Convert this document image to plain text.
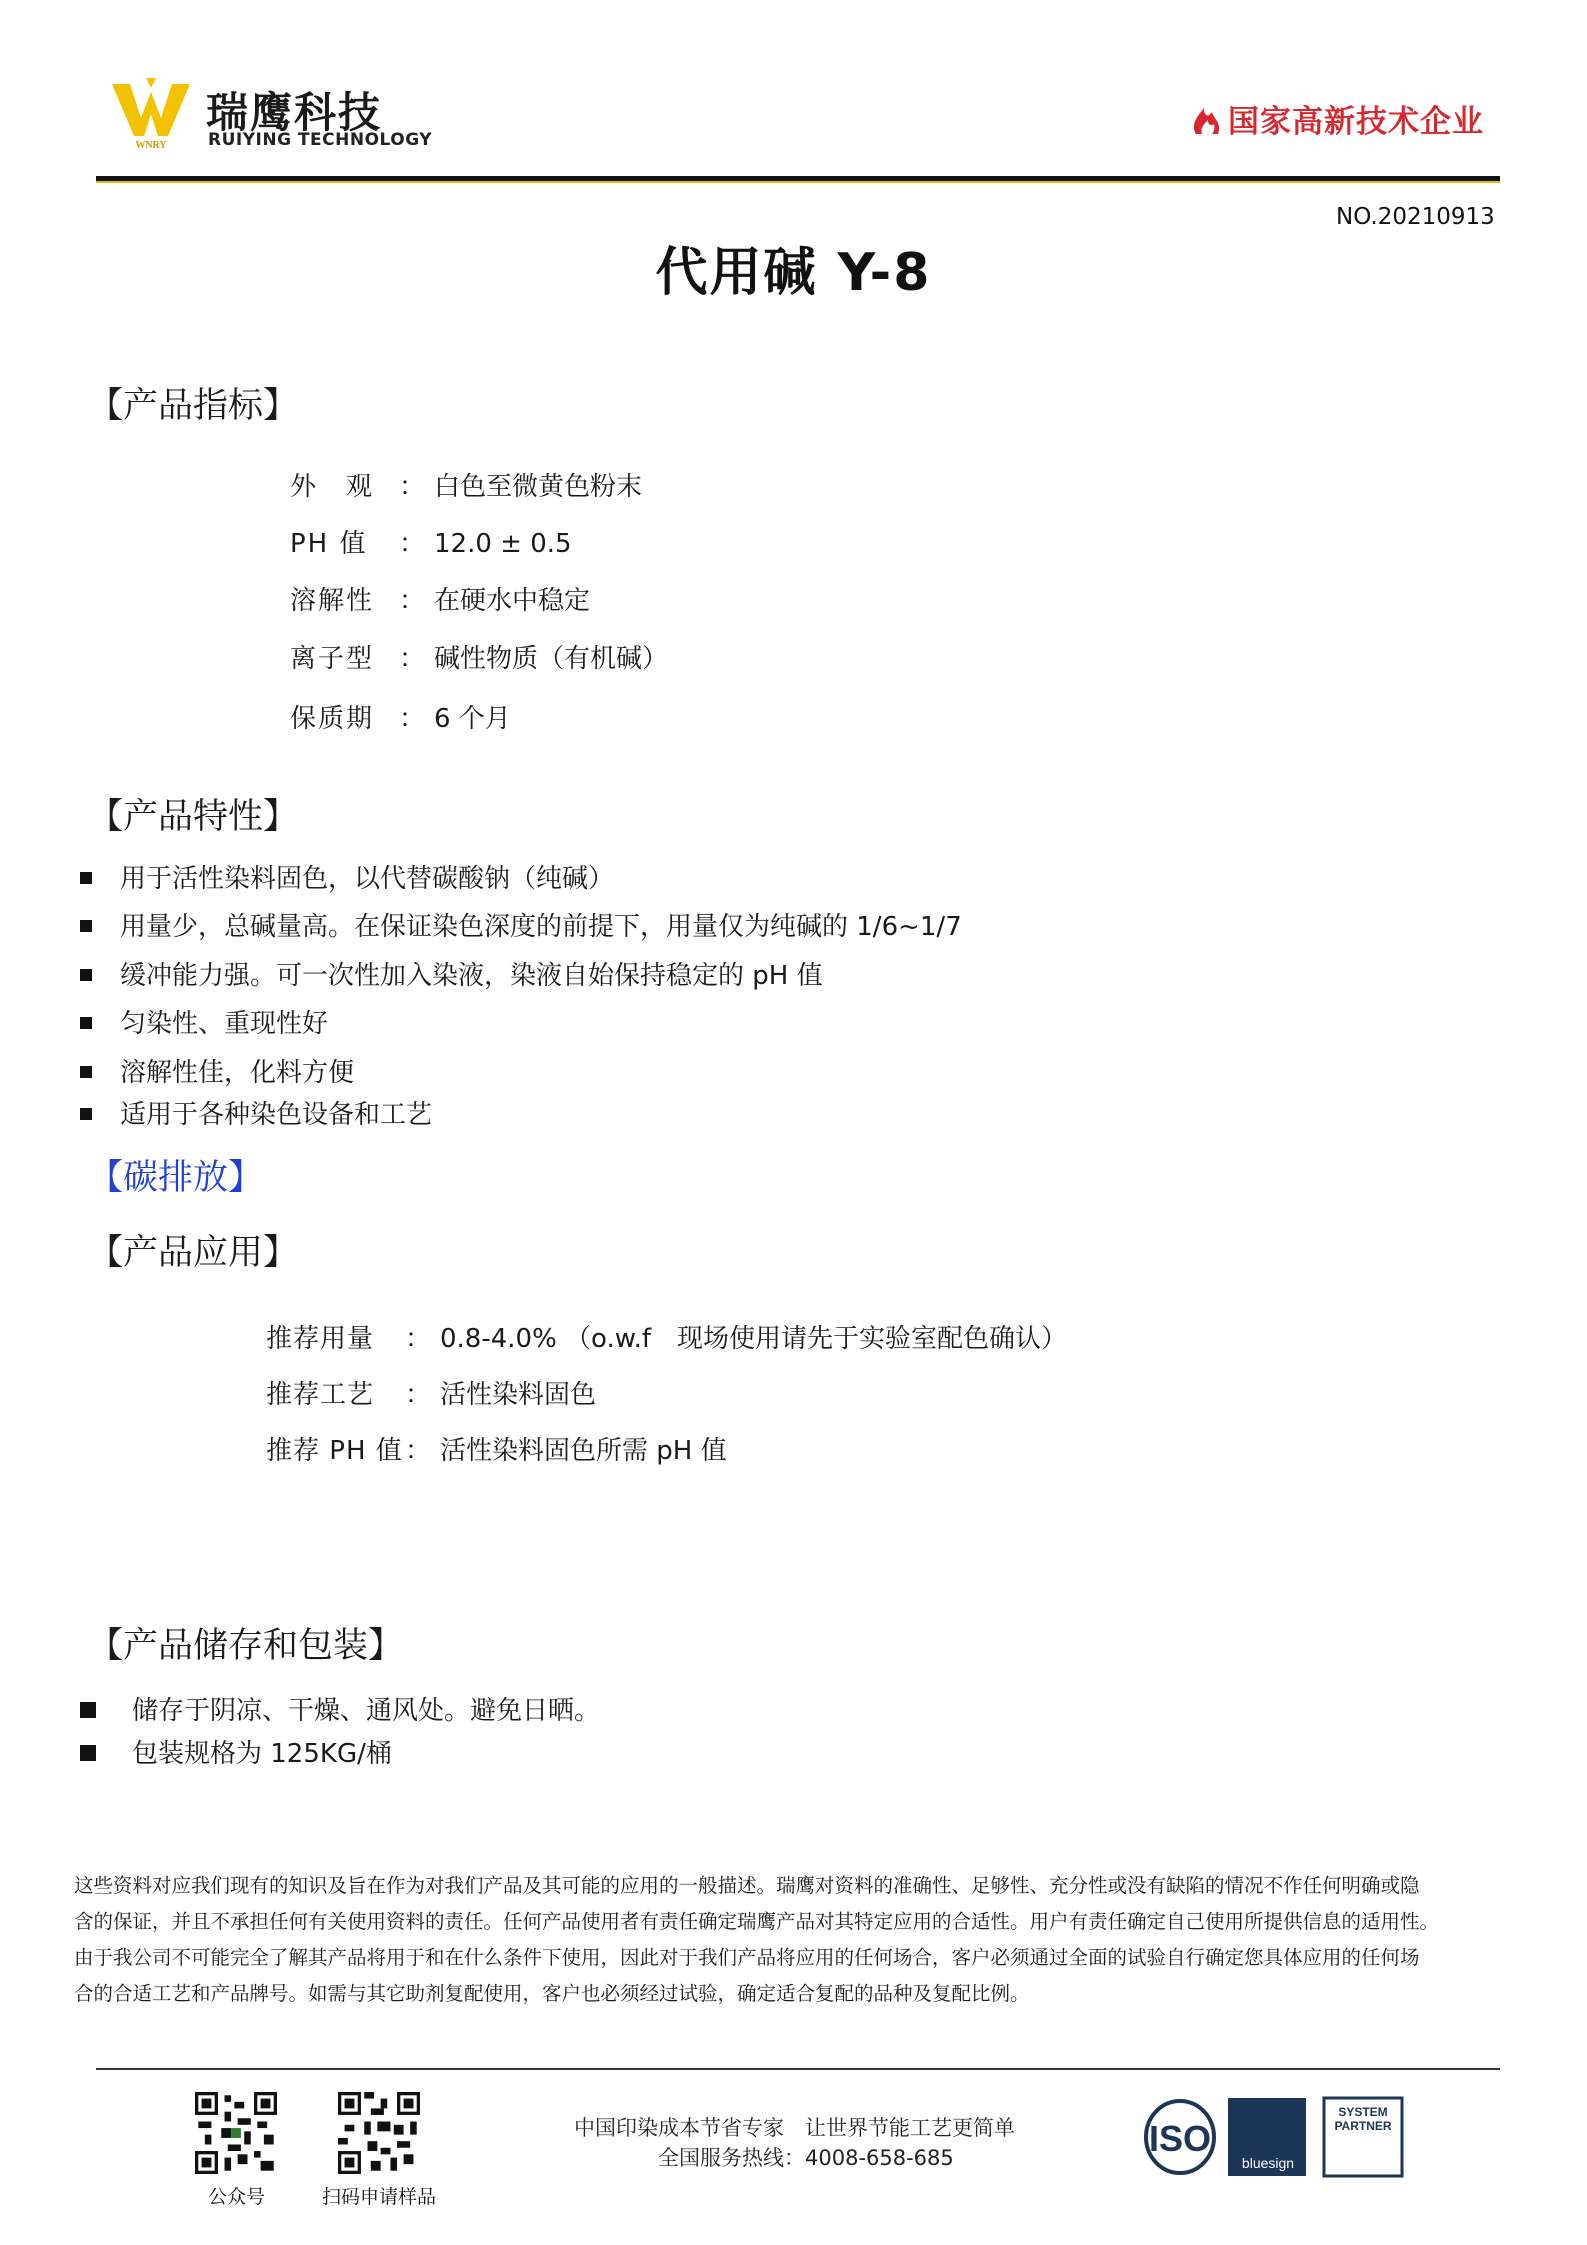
WNRY
瑞鹰科技
RUIYING TECHNOLOGY	国家高新技术企业
NO.20210913
代用碱 Y-8
【产品指标】
外　观 ： 白色至微黄色粉末
PH 值 ： 12.0 ± 0.5
溶解性 ： 在硬水中稳定
离子型 ： 碱性物质（有机碱）
保质期 ： 6 个月
【产品特性】
用于活性染料固色，以代替碳酸钠（纯碱）
用量少，总碱量高。在保证染色深度的前提下，用量仅为纯碱的 1/6~1/7
缓冲能力强。可一次性加入染液，染液自始保持稳定的 pH 值
匀染性、重现性好
溶解性佳，化料方便
适用于各种染色设备和工艺
【碳排放】
【产品应用】
推荐用量 ： 0.8-4.0% （o.w.f　现场使用请先于实验室配色确认）
推荐工艺 ： 活性染料固色
推荐 PH 值： 活性染料固色所需 pH 值
【产品储存和包装】
储存于阴凉、干燥、通风处。避免日晒。
包装规格为 125KG/桶
这些资料对应我们现有的知识及旨在作为对我们产品及其可能的应用的一般描述。瑞鹰对资料的准确性、足够性、充分性或没有缺陷的情况不作任何明确或隐
含的保证，并且不承担任何有关使用资料的责任。任何产品使用者有责任确定瑞鹰产品对其特定应用的合适性。用户有责任确定自己使用所提供信息的适用性。
由于我公司不可能完全了解其产品将用于和在什么条件下使用，因此对于我们产品将应用的任何场合，客户必须通过全面的试验自行确定您具体应用的任何场
合的合适工艺和产品牌号。如需与其它助剂复配使用，客户也必须经过试验，确定适合复配的品种及复配比例。
公众号	扫码申请样品
中国印染成本节省专家　让世界节能工艺更简单
全国服务热线：4008-658-685	ISO
bluesign
SYSTEM
PARTNER
